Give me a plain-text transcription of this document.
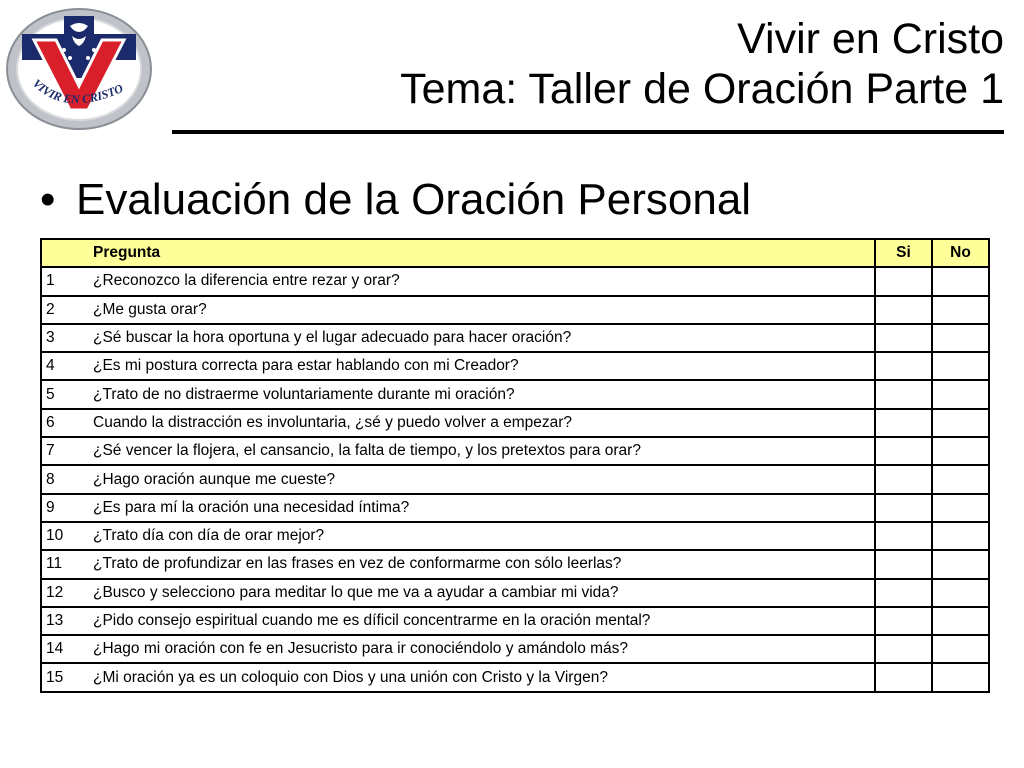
VIVIR EN CRISTO
Vivir en Cristo
Tema: Taller de Oración Parte 1
• Evaluación de la Oración Personal
	Pregunta	Si	No
1	¿Reconozco la diferencia entre rezar y orar?		
2	¿Me gusta orar?		
3	¿Sé buscar la hora oportuna y el lugar adecuado para hacer oración?		
4	¿Es mi postura correcta para estar hablando con mi Creador?		
5	¿Trato de no distraerme voluntariamente durante mi oración?		
6	Cuando la distracción es involuntaria, ¿sé y puedo volver a empezar?		
7	¿Sé vencer la flojera, el cansancio, la falta de tiempo, y los pretextos para orar?		
8	¿Hago oración aunque me cueste?		
9	¿Es para mí la oración una necesidad íntima?		
10	¿Trato día con día de orar mejor?		
11	¿Trato de profundizar en las frases en vez de conformarme con sólo leerlas?		
12	¿Busco y selecciono para meditar lo que me va a ayudar a cambiar mi vida?		
13	¿Pido consejo espiritual cuando me es díficil concentrarme en la oración mental?		
14	¿Hago mi oración con fe en Jesucristo para ir conociéndolo y amándolo más?		
15	¿Mi oración ya es un coloquio con Dios y una unión con Cristo y la Virgen?		
